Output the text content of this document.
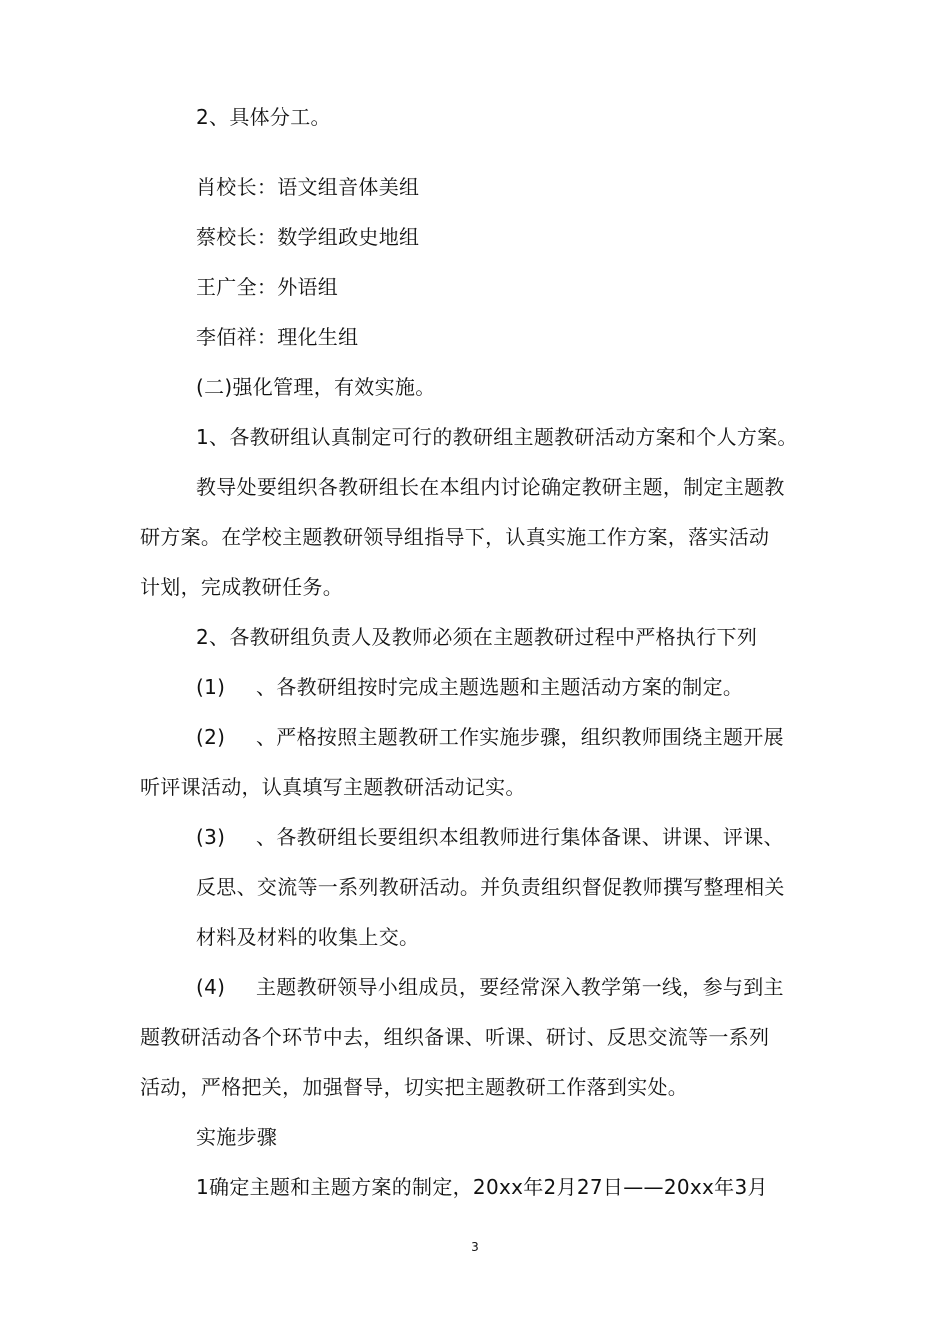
2、具体分工。
肖校长：语文组音体美组
蔡校长：数学组政史地组
王广全：外语组
李佰祥：理化生组
(二)强化管理，有效实施。
1、各教研组认真制定可行的教研组主题教研活动方案和个人方案。
教导处要组织各教研组长在本组内讨论确定教研主题，制定主题教
研方案。在学校主题教研领导组指导下，认真实施工作方案，落实活动
计划，完成教研任务。
2、各教研组负责人及教师必须在主题教研过程中严格执行下列
(1) 、各教研组按时完成主题选题和主题活动方案的制定。
(2) 、严格按照主题教研工作实施步骤，组织教师围绕主题开展
听评课活动，认真填写主题教研活动记实。
(3) 、各教研组长要组织本组教师进行集体备课、讲课、评课、
反思、交流等一系列教研活动。并负责组织督促教师撰写整理相关
材料及材料的收集上交。
(4) 主题教研领导小组成员，要经常深入教学第一线，参与到主
题教研活动各个环节中去，组织备课、听课、研讨、反思交流等一系列
活动，严格把关，加强督导，切实把主题教研工作落到实处。
实施步骤
1确定主题和主题方案的制定，20xx年2月27日——20xx年3月
3
